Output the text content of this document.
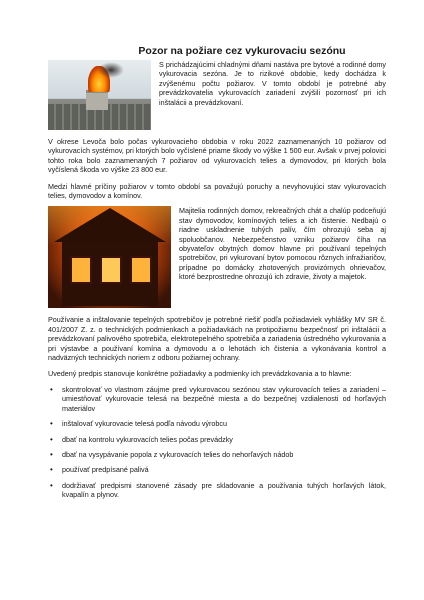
Pozor na požiare cez vykurovaciu sezónu

S prichádzajúcimi chladnými dňami nastáva pre bytové a rodinné domy vykurovacia sezóna. Je to rizikové obdobie, kedy dochádza k zvýšenému počtu požiarov. V tomto období je potrebné aby prevádzkovatelia vykurovacích zariadení zvýšili pozornosť pri ich inštalácii a prevádzkovaní.

V okrese Levoča bolo počas vykurovacieho obdobia v roku 2022 zaznamenaných 10 požiarov od vykurovacích systémov, pri ktorých bolo vyčíslené priame škody vo výške 1 500 eur. Avšak v prvej polovici tohto roka bolo zaznamenaných 7 požiarov od vykurovacích telies a dymovodov, pri ktorých bola vyčíslená škoda vo výške 23 800 eur.

Medzi hlavné príčiny požiarov v tomto období sa považujú poruchy a nevyhovujúci stav vykurovacích telies, dymovodov a komínov.

Majitelia rodinných domov, rekreačných chát a chalúp podceňujú stav dymovodov, komínových telies a ich čistenie. Nedbajú o riadne uskladnenie tuhých palív, čím ohrozujú seba aj spoluobčanov. Nebezpečenstvo vzniku požiarov číha na obyvateľov obytných domov hlavne pri používaní tepelných spotrebičov, pri vykurovaní bytov pomocou rôznych infražiaričov, prípadne po domácky zhotovených provizórnych ohrievačov, ktoré bezprostredne ohrozujú ich zdravie, životy a majetok.

Používanie a inštalovanie tepelných spotrebičov je potrebné riešiť podľa požiadaviek vyhlášky MV SR č. 401/2007 Z. z. o technických podmienkach a požiadavkách na protipožiarnu bezpečnosť pri inštalácii a prevádzkovaní palivového spotrebiča, elektrotepelného spotrebiča a zariadenia ústredného vykurovania a pri výstavbe a používaní komína a dymovodu a o lehotách ich čistenia a vykonávania kontrol a nadväzných technických noriem z odboru požiarnej ochrany.

Uvedený predpis stanovuje konkrétne požiadavky a podmienky ich prevádzkovania a to hlavne:

• skontrolovať vo vlastnom záujme pred vykurovacou sezónou stav vykurovacích telies a zariadení – umiestňovať vykurovacie telesá na bezpečné miesta a do bezpečnej vzdialenosti od horľavých materiálov
• inštalovať vykurovacie telesá podľa návodu výrobcu
• dbať na kontrolu vykurovacích telies počas prevádzky
• dbať na vysypávanie popola z vykurovacích telies do nehorľavých nádob
• používať predpísané palivá
• dodržiavať predpismi stanovené zásady pre skladovanie a používania tuhých horľavých látok, kvapalín a plynov.
